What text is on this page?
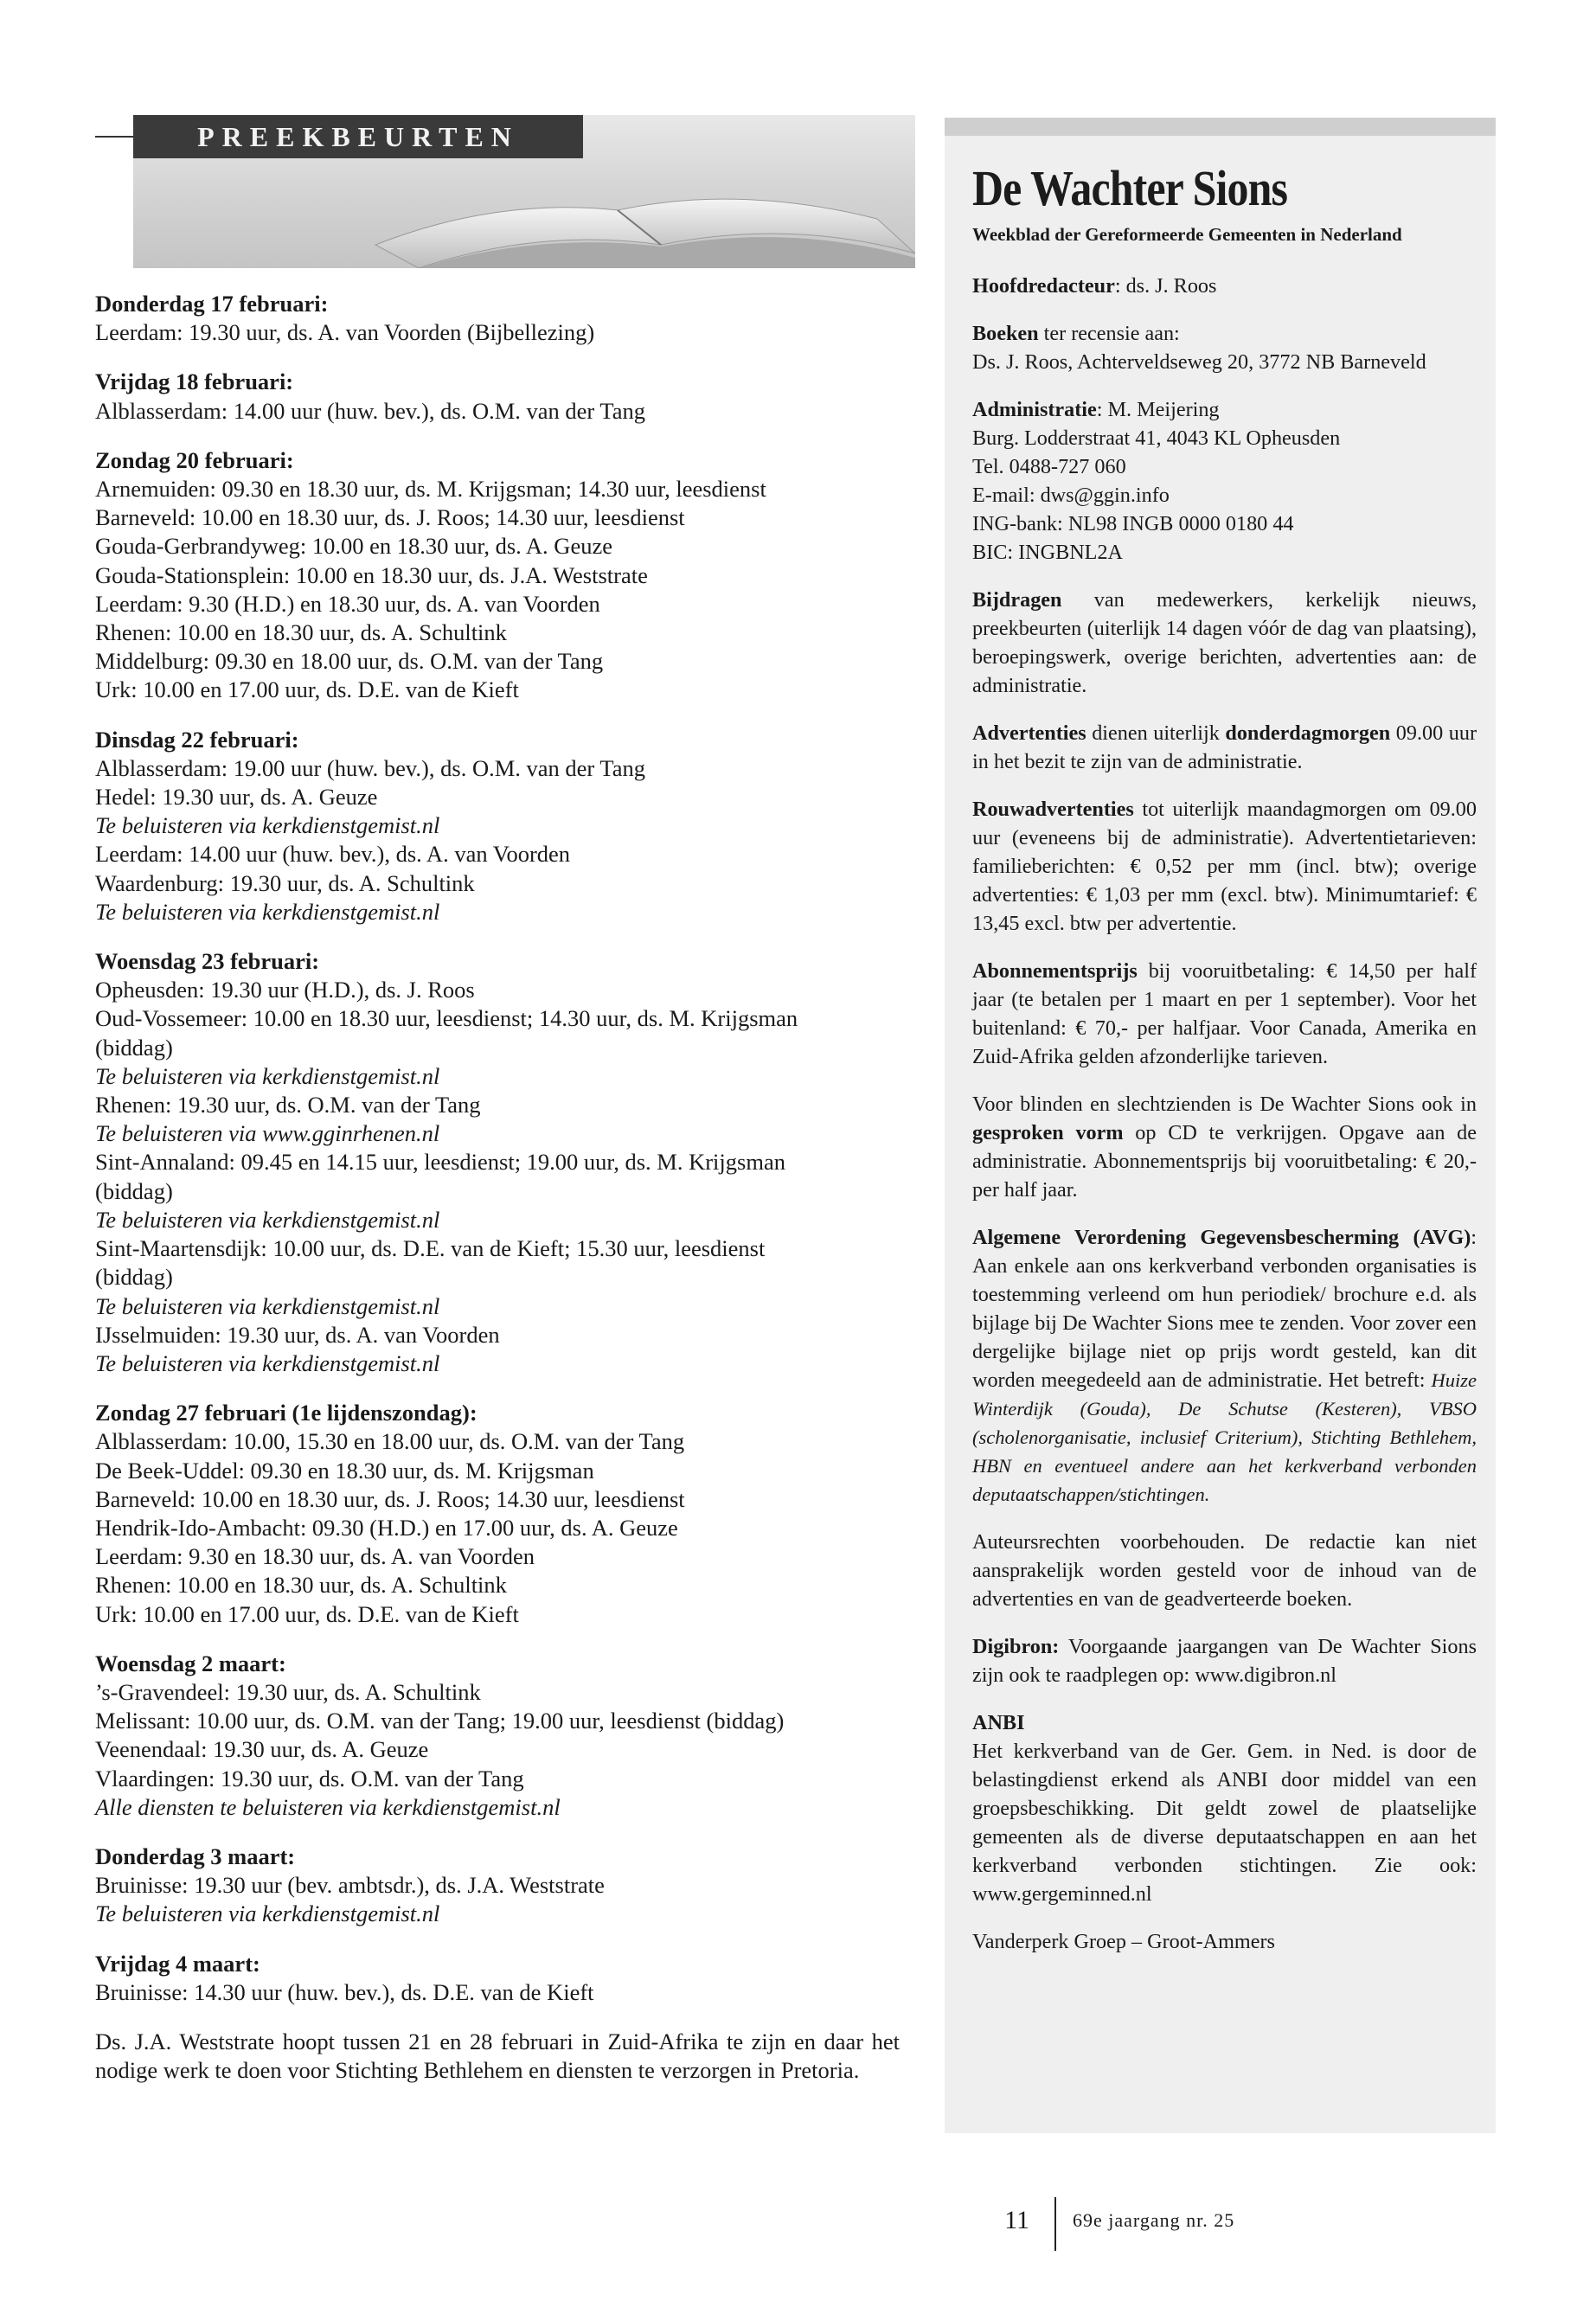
PREEKBEURTEN
Donderdag 17 februari:
Leerdam: 19.30 uur, ds. A. van Voorden (Bijbellezing)
Vrijdag 18 februari:
Alblasserdam: 14.00 uur (huw. bev.), ds. O.M. van der Tang
Zondag 20 februari:
Arnemuiden: 09.30 en 18.30 uur, ds. M. Krijgsman; 14.30 uur, leesdienst
Barneveld: 10.00 en 18.30 uur, ds. J. Roos; 14.30 uur, leesdienst
Gouda-Gerbrandyweg: 10.00 en 18.30 uur, ds. A. Geuze
Gouda-Stationsplein: 10.00 en 18.30 uur, ds. J.A. Weststrate
Leerdam: 9.30 (H.D.) en 18.30 uur, ds. A. van Voorden
Rhenen: 10.00 en 18.30 uur, ds. A. Schultink
Middelburg: 09.30 en 18.00 uur, ds. O.M. van der Tang
Urk: 10.00 en 17.00 uur, ds. D.E. van de Kieft
Dinsdag 22 februari:
Alblasserdam: 19.00 uur (huw. bev.), ds. O.M. van der Tang
Hedel: 19.30 uur, ds. A. Geuze
Te beluisteren via kerkdienstgemist.nl
Leerdam: 14.00 uur (huw. bev.), ds. A. van Voorden
Waardenburg: 19.30 uur, ds. A. Schultink
Te beluisteren via kerkdienstgemist.nl
Woensdag 23 februari:
Opheusden: 19.30 uur (H.D.), ds. J. Roos
Oud-Vossemeer: 10.00 en 18.30 uur, leesdienst; 14.30 uur, ds. M. Krijgsman
(biddag)
Te beluisteren via kerkdienstgemist.nl
Rhenen: 19.30 uur, ds. O.M. van der Tang
Te beluisteren via www.gginrhenen.nl
Sint-Annaland: 09.45 en 14.15 uur, leesdienst; 19.00 uur, ds. M. Krijgsman
(biddag)
Te beluisteren via kerkdienstgemist.nl
Sint-Maartensdijk: 10.00 uur, ds. D.E. van de Kieft; 15.30 uur, leesdienst
(biddag)
Te beluisteren via kerkdienstgemist.nl
IJsselmuiden: 19.30 uur, ds. A. van Voorden
Te beluisteren via kerkdienstgemist.nl
Zondag 27 februari (1e lijdenszondag):
Alblasserdam: 10.00, 15.30 en 18.00 uur, ds. O.M. van der Tang
De Beek-Uddel: 09.30 en 18.30 uur, ds. M. Krijgsman
Barneveld: 10.00 en 18.30 uur, ds. J. Roos; 14.30 uur, leesdienst
Hendrik-Ido-Ambacht: 09.30 (H.D.) en 17.00 uur, ds. A. Geuze
Leerdam: 9.30 en 18.30 uur, ds. A. van Voorden
Rhenen: 10.00 en 18.30 uur, ds. A. Schultink
Urk: 10.00 en 17.00 uur, ds. D.E. van de Kieft
Woensdag 2 maart:
’s-Gravendeel: 19.30 uur, ds. A. Schultink
Melissant: 10.00 uur, ds. O.M. van der Tang; 19.00 uur, leesdienst (biddag)
Veenendaal: 19.30 uur, ds. A. Geuze
Vlaardingen: 19.30 uur, ds. O.M. van der Tang
Alle diensten te beluisteren via kerkdienstgemist.nl
Donderdag 3 maart:
Bruinisse: 19.30 uur (bev. ambtsdr.), ds. J.A. Weststrate
Te beluisteren via kerkdienstgemist.nl
Vrijdag 4 maart:
Bruinisse: 14.30 uur (huw. bev.), ds. D.E. van de Kieft
Ds. J.A. Weststrate hoopt tussen 21 en 28 februari in Zuid-Afrika te zijn en daar het nodige werk te doen voor Stichting Bethlehem en diensten te verzorgen in Pretoria.
De Wachter Sions
Weekblad der Gereformeerde Gemeenten in Nederland

Hoofdredacteur: ds. J. Roos

Boeken ter recensie aan:
Ds. J. Roos, Achterveldseweg 20, 3772 NB Barneveld

Administratie: M. Meijering
Burg. Lodderstraat 41, 4043 KL Opheusden
Tel. 0488-727 060
E-mail: dws@ggin.info
ING-bank: NL98 INGB 0000 0180 44
BIC: INGBNL2A

Bijdragen van medewerkers, kerkelijk nieuws, preekbeurten (uiterlijk 14 dagen vóór de dag van plaatsing), beroepingswerk, overige berichten, advertenties aan: de administratie.

Advertenties dienen uiterlijk donderdagmorgen 09.00 uur in het bezit te zijn van de administratie.

Rouwadvertenties tot uiterlijk maandagmorgen om 09.00 uur (eveneens bij de administratie). Advertentietarieven: familieberichten: € 0,52 per mm (incl. btw); overige advertenties: € 1,03 per mm (excl. btw). Minimumtarief: € 13,45 excl. btw per advertentie.

Abonnementsprijs bij vooruitbetaling: € 14,50 per half jaar (te betalen per 1 maart en per 1 september). Voor het buitenland: € 70,- per halfjaar. Voor Canada, Amerika en Zuid-Afrika gelden afzonderlijke tarieven.

Voor blinden en slechtzienden is De Wachter Sions ook in gesproken vorm op CD te verkrijgen. Opgave aan de administratie. Abonnementsprijs bij vooruitbetaling: € 20,- per half jaar.

Algemene Verordening Gegevensbescherming (AVG): Aan enkele aan ons kerkverband verbonden organisaties is toestemming verleend om hun periodiek/ brochure e.d. als bijlage bij De Wachter Sions mee te zenden. Voor zover een dergelijke bijlage niet op prijs wordt gesteld, kan dit worden meegedeeld aan de administratie. Het betreft: Huize Winterdijk (Gouda), De Schutse (Kesteren), VBSO (scholenorganisatie, inclusief Criterium), Stichting Bethlehem, HBN en eventueel andere aan het kerkverband verbonden deputaatschappen/stichtingen.

Auteursrechten voorbehouden. De redactie kan niet aansprakelijk worden gesteld voor de inhoud van de advertenties en van de geadverteerde boeken.

Digibron: Voorgaande jaargangen van De Wachter Sions zijn ook te raadplegen op: www.digibron.nl

ANBI
Het kerkverband van de Ger. Gem. in Ned. is door de belastingdienst erkend als ANBI door middel van een groepsbeschikking. Dit geldt zowel de plaatselijke gemeenten als de diverse deputaatschappen en aan het kerkverband verbonden stichtingen. Zie ook: www.gergeminned.nl

Vanderperk Groep – Groot-Ammers

11 69e jaargang nr. 25
